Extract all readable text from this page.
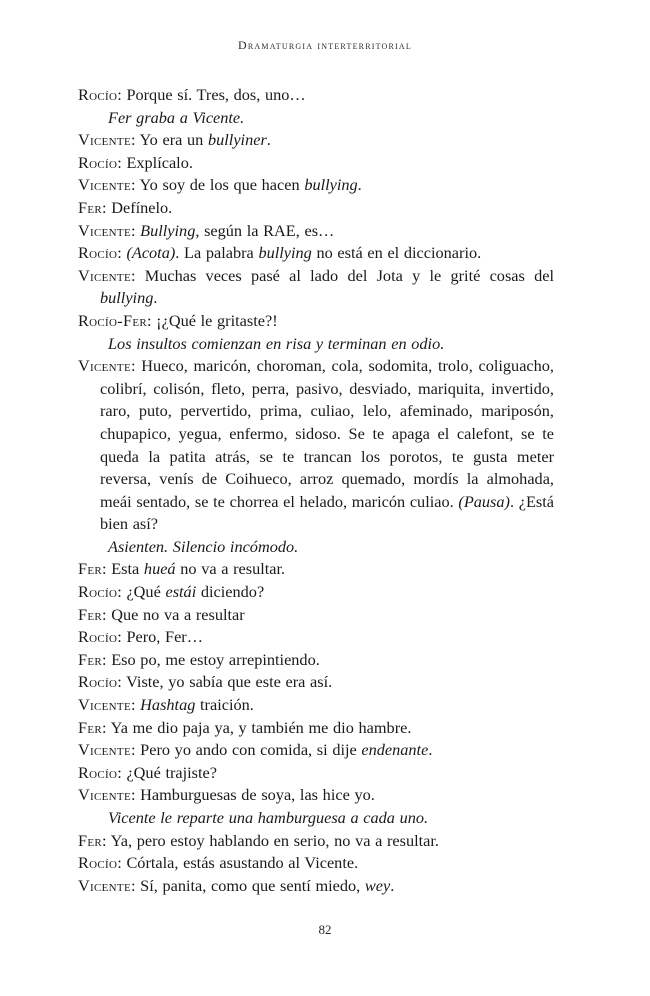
Dramaturgia interterritorial

Rocío: Porque sí. Tres, dos, uno…

Fer graba a Vicente.

Vicente: Yo era un bullyiner.

Rocío: Explícalo.

Vicente: Yo soy de los que hacen bullying.

Fer: Defínelo.

Vicente: Bullying, según la RAE, es…

Rocío: (Acota). La palabra bullying no está en el diccionario.

Vicente: Muchas veces pasé al lado del Jota y le grité cosas del bullying.

Rocío-Fer: ¡¿Qué le gritaste?!

Los insultos comienzan en risa y terminan en odio.

Vicente: Hueco, maricón, choroman, cola, sodomita, trolo, coliguacho, colibrí, colisón, fleto, perra, pasivo, desviado, mariquita, invertido, raro, puto, pervertido, prima, culiao, lelo, afeminado, mariposón, chupapico, yegua, enfermo, sidoso. Se te apaga el calefont, se te queda la patita atrás, se te trancan los porotos, te gusta meter reversa, venís de Coihueco, arroz quemado, mordís la almohada, meái sentado, se te chorrea el helado, maricón culiao. (Pausa). ¿Está bien así?

Asienten. Silencio incómodo.

Fer: Esta hueá no va a resultar.

Rocío: ¿Qué estái diciendo?

Fer: Que no va a resultar

Rocío: Pero, Fer…

Fer: Eso po, me estoy arrepintiendo.

Rocío: Viste, yo sabía que este era así.

Vicente: Hashtag traición.

Fer: Ya me dio paja ya, y también me dio hambre.

Vicente: Pero yo ando con comida, si dije endenante.

Rocío: ¿Qué trajiste?

Vicente: Hamburguesas de soya, las hice yo.

Vicente le reparte una hamburguesa a cada uno.

Fer: Ya, pero estoy hablando en serio, no va a resultar.

Rocío: Córtala, estás asustando al Vicente.

Vicente: Sí, panita, como que sentí miedo, wey.

82
